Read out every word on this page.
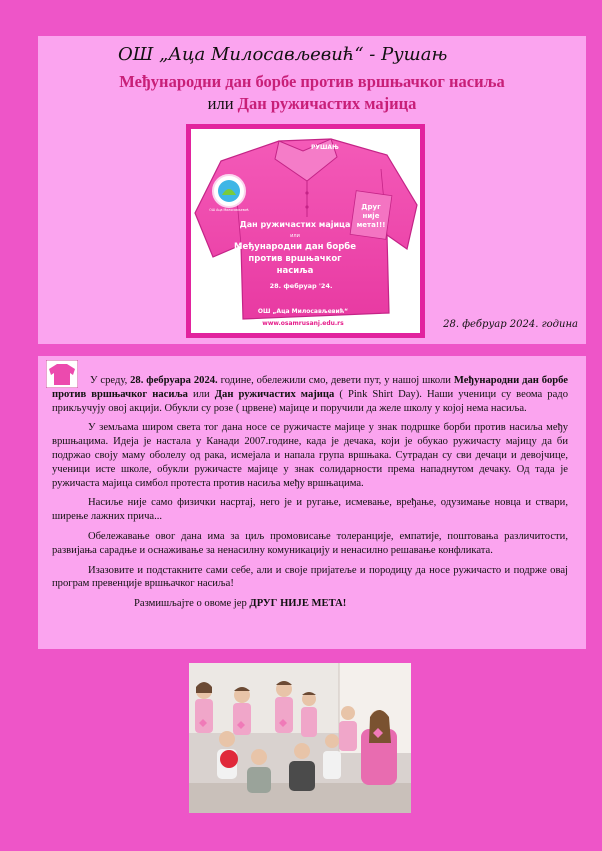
ОШ „Аца Милосављевић“ - Рушањ
Међународни дан борбе против вршњачког насиља
или Дан ружичастих мајица
РУШАЊ
ОШ Аца Милосављевић	Друг
није
мета!!!
Дан ружичастих мајица
или
Међународни дан борбе
против вршњачког
насиља
28. фебруар '24.
ОШ „Аца Милосављевић“
www.osamrusanj.edu.rs	28. фебруар 2024. година

У среду, 28. фебруара 2024. године, обележили смо, девети пут, у нашој школи Међународни дан борбе против вршњачког насиља или Дан ружичастих мајица ( Pink Shirt Day). Наши ученици су веома радо прикључују овој акцији. Обукли су розе ( црвене) мајице и поручили да желе школу у којој нема насиља.

У земљама широм света тог дана носе се ружичасте мајице у знак подршке борби против насиља међу вршњацима. Идеја је настала у Канади 2007.године, када је дечака, који је обукао ружичасту мајицу да би подржао своју маму оболелу од рака, исмејала и напала група вршњака. Сутрадан су сви дечаци и девојчице, ученици исте школе, обукли ружичасте мајице у знак солидарности према нападнутом дечаку. Од тада је ружичаста мајица симбол протеста против насиља међу вршњацима.

Насиље није само физички насртај, него је и ругање, исмевање, вређање, одузимање новца и ствари, ширење лажних прича...

Обележавање овог дана има за циљ промовисање толеранције, емпатије, поштовања различитости, развијања сарадње и оснаживање за ненасилну комуникацију и ненасилно решавање конфликата.

Изазовите и подстакните сами себе, али и своје пријатеље и породицу да носе ружичасто и подрже овај програм превенције вршњачког насиља!

Размишљајте о овоме јер ДРУГ НИЈЕ МЕТА!
